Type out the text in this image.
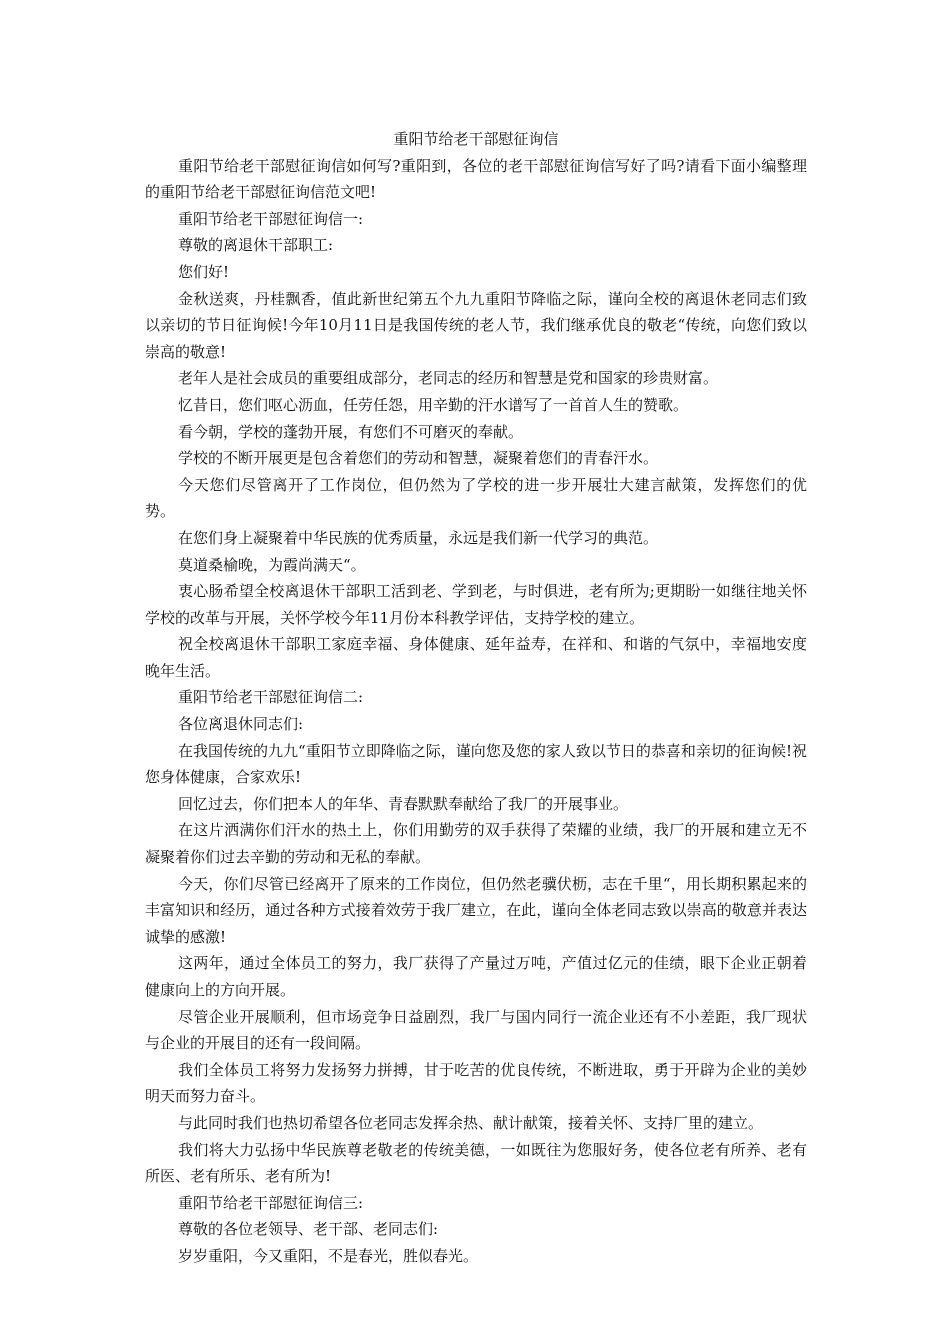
重阳节给老干部慰征询信

重阳节给老干部慰征询信如何写?重阳到，各位的老干部慰征询信写好了吗?请看下面小编整理的重阳节给老干部慰征询信范文吧!

重阳节给老干部慰征询信一:

尊敬的离退休干部职工:

您们好!

金秋送爽，丹桂飘香，值此新世纪第五个九九重阳节降临之际，谨向全校的离退休老同志们致以亲切的节日征询候!今年10月11日是我国传统的老人节，我们继承优良的敬老“传统，向您们致以崇高的敬意!

老年人是社会成员的重要组成部分，老同志的经历和智慧是党和国家的珍贵财富。

忆昔日，您们呕心沥血，任劳任怨，用辛勤的汗水谱写了一首首人生的赞歌。

看今朝，学校的蓬勃开展，有您们不可磨灭的奉献。

学校的不断开展更是包含着您们的劳动和智慧，凝聚着您们的青春汗水。

今天您们尽管离开了工作岗位，但仍然为了学校的进一步开展壮大建言献策，发挥您们的优势。

在您们身上凝聚着中华民族的优秀质量，永远是我们新一代学习的典范。

莫道桑榆晚，为霞尚满天“。

衷心肠希望全校离退休干部职工活到老、学到老，与时俱进，老有所为;更期盼一如继往地关怀学校的改革与开展，关怀学校今年11月份本科教学评估，支持学校的建立。

祝全校离退休干部职工家庭幸福、身体健康、延年益寿，在祥和、和谐的气氛中，幸福地安度晚年生活。

重阳节给老干部慰征询信二:

各位离退休同志们:

在我国传统的九九“重阳节立即降临之际，谨向您及您的家人致以节日的恭喜和亲切的征询候!祝您身体健康，合家欢乐!

回忆过去，你们把本人的年华、青春默默奉献给了我厂的开展事业。

在这片洒满你们汗水的热土上，你们用勤劳的双手获得了荣耀的业绩，我厂的开展和建立无不凝聚着你们过去辛勤的劳动和无私的奉献。

今天，你们尽管已经离开了原来的工作岗位，但仍然老骥伏枥，志在千里“，用长期积累起来的丰富知识和经历，通过各种方式接着效劳于我厂建立，在此，谨向全体老同志致以崇高的敬意并表达诚挚的感激!

这两年，通过全体员工的努力，我厂获得了产量过万吨，产值过亿元的佳绩，眼下企业正朝着健康向上的方向开展。

尽管企业开展顺利，但市场竞争日益剧烈，我厂与国内同行一流企业还有不小差距，我厂现状与企业的开展目的还有一段间隔。

我们全体员工将努力发扬努力拼搏，甘于吃苦的优良传统，不断进取，勇于开辟为企业的美妙明天而努力奋斗。

与此同时我们也热切希望各位老同志发挥余热、献计献策，接着关怀、支持厂里的建立。

我们将大力弘扬中华民族尊老敬老的传统美德，一如既往为您服好务，使各位老有所养、老有所医、老有所乐、老有所为!

重阳节给老干部慰征询信三:

尊敬的各位老领导、老干部、老同志们:

岁岁重阳，今又重阳，不是春光，胜似春光。
